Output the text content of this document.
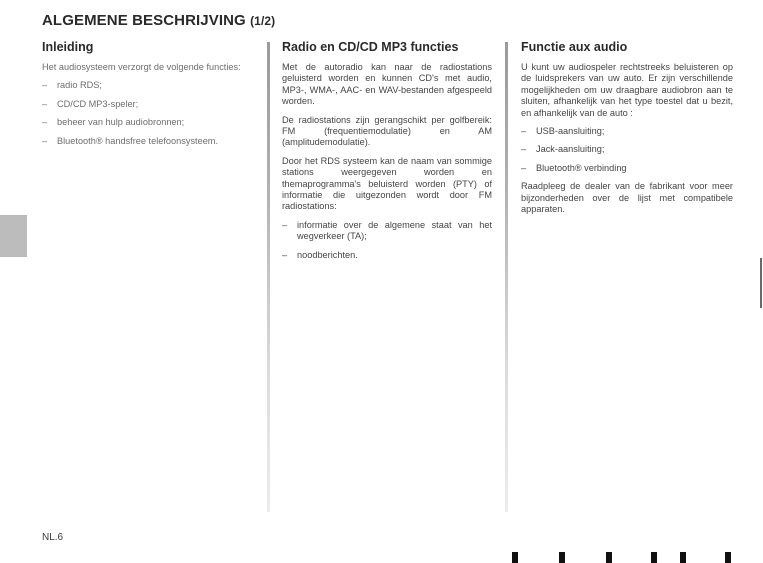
ALGEMENE BESCHRIJVING (1/2)
Inleiding

Het audiosysteem verzorgt de volgende functies:

– radio RDS;
– CD/CD MP3-speler;
– beheer van hulp audiobronnen;
– Bluetooth® handsfree telefoonsysteem.
Radio en CD/CD MP3 functies

Met de autoradio kan naar de radiostations geluisterd worden en kunnen CD's met audio, MP3-, WMA-, AAC- en WAV-bestanden afgespeeld worden.

De radiostations zijn gerangschikt per golfbereik: FM (frequentiemodulatie) en AM (amplitudemodulatie).

Door het RDS systeem kan de naam van sommige stations weergegeven worden en themaprogramma's beluisterd worden (PTY) of informatie die uitgezonden wordt door FM radiostations:

– informatie over de algemene staat van het wegverkeer (TA);
– noodberichten.
Functie aux audio

U kunt uw audiospeler rechtstreeks beluisteren op de luidsprekers van uw auto. Er zijn verschillende mogelijkheden om uw draagbare audiobron aan te sluiten, afhankelijk van het type toestel dat u bezit, en afhankelijk van de auto :

– USB-aansluiting;
– Jack-aansluiting;
– Bluetooth® verbinding

Raadpleeg de dealer van de fabrikant voor meer bijzonderheden over de lijst met compatibele apparaten.

NL.6
